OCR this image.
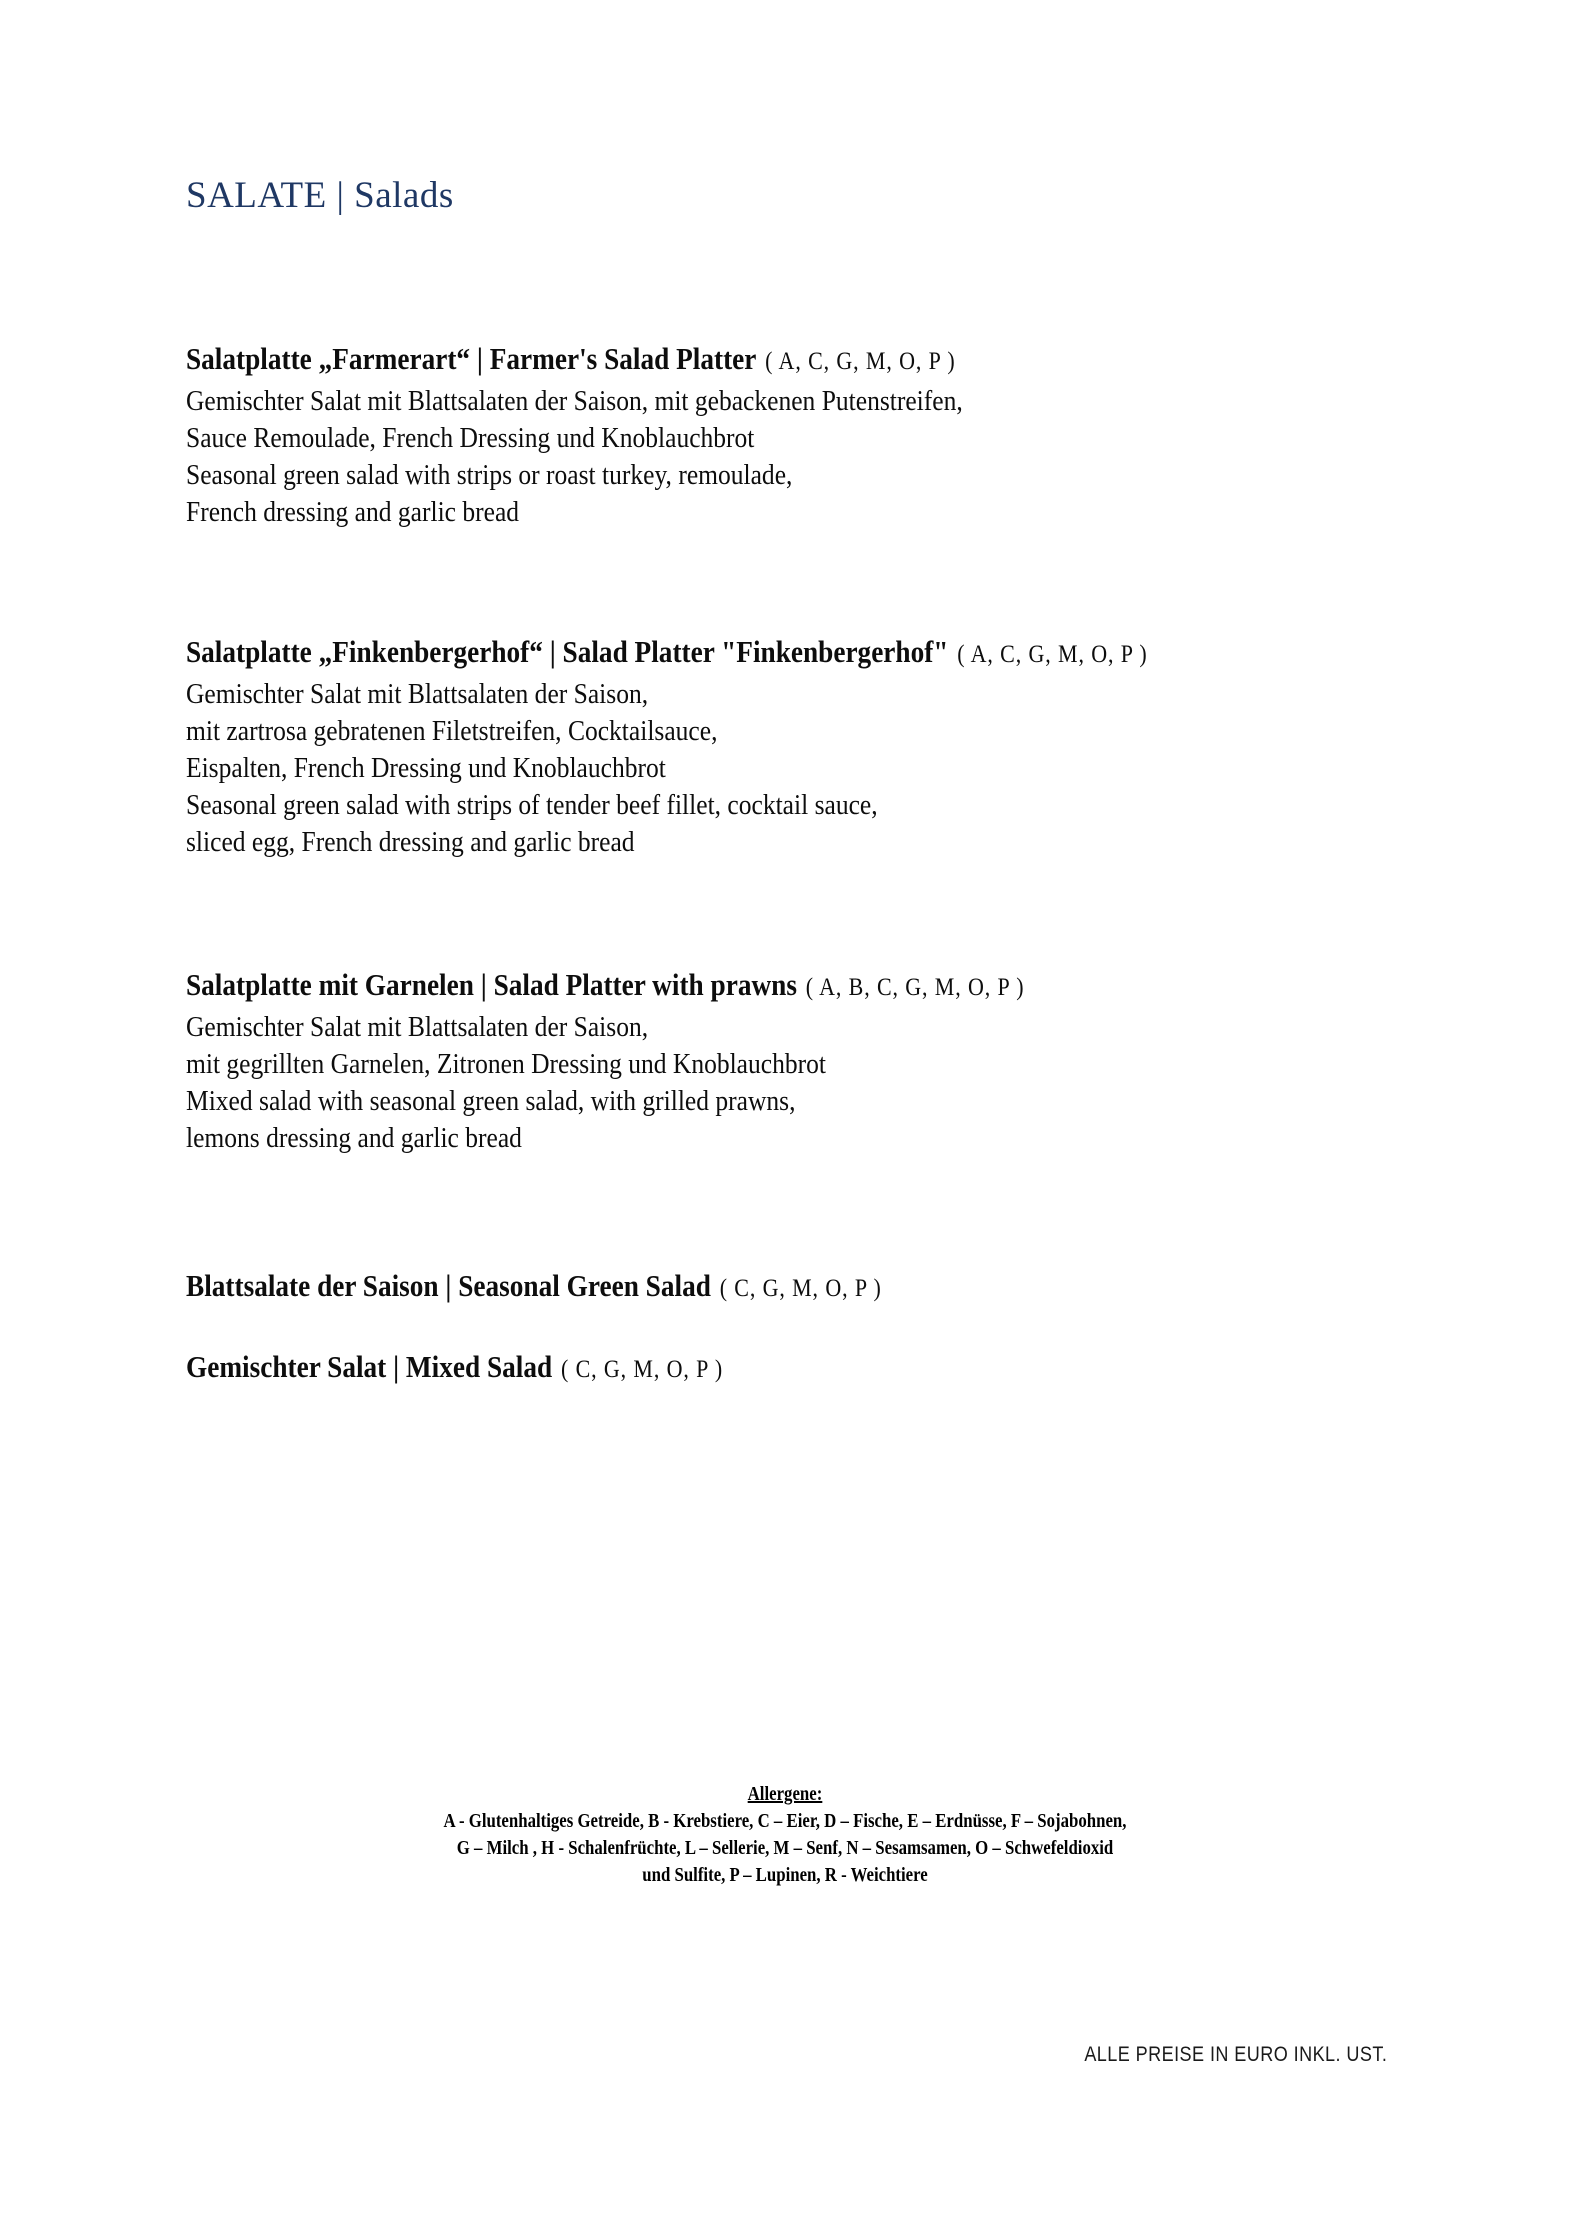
SALATE | Salads
Salatplatte „Farmerart“ | Farmer's Salad Platter ( A, C, G, M, O, P )

Gemischter Salat mit Blattsalaten der Saison, mit gebackenen Putenstreifen,

Sauce Remoulade, French Dressing und Knoblauchbrot

Seasonal green salad with strips or roast turkey, remoulade,

French dressing and garlic bread

Salatplatte „Finkenbergerhof“ | Salad Platter "Finkenbergerhof" ( A, C, G, M, O, P )

Gemischter Salat mit Blattsalaten der Saison,

mit zartrosa gebratenen Filetstreifen, Cocktailsauce,

Eispalten, French Dressing und Knoblauchbrot

Seasonal green salad with strips of tender beef fillet, cocktail sauce,

sliced egg, French dressing and garlic bread

Salatplatte mit Garnelen | Salad Platter with prawns ( A, B, C, G, M, O, P )

Gemischter Salat mit Blattsalaten der Saison,

mit gegrillten Garnelen, Zitronen Dressing und Knoblauchbrot

Mixed salad with seasonal green salad, with grilled prawns,

lemons dressing and garlic bread

Blattsalate der Saison | Seasonal Green Salad ( C, G, M, O, P )
Gemischter Salat | Mixed Salad ( C, G, M, O, P )
Allergene:
A - Glutenhaltiges Getreide, B - Krebstiere, C – Eier, D – Fische, E – Erdnüsse, F – Sojabohnen,
G – Milch , H - Schalenfrüchte, L – Sellerie, M – Senf, N – Sesamsamen, O – Schwefeldioxid
und Sulfite, P – Lupinen, R - Weichtiere
ALLE PREISE IN EURO INKL. UST.
